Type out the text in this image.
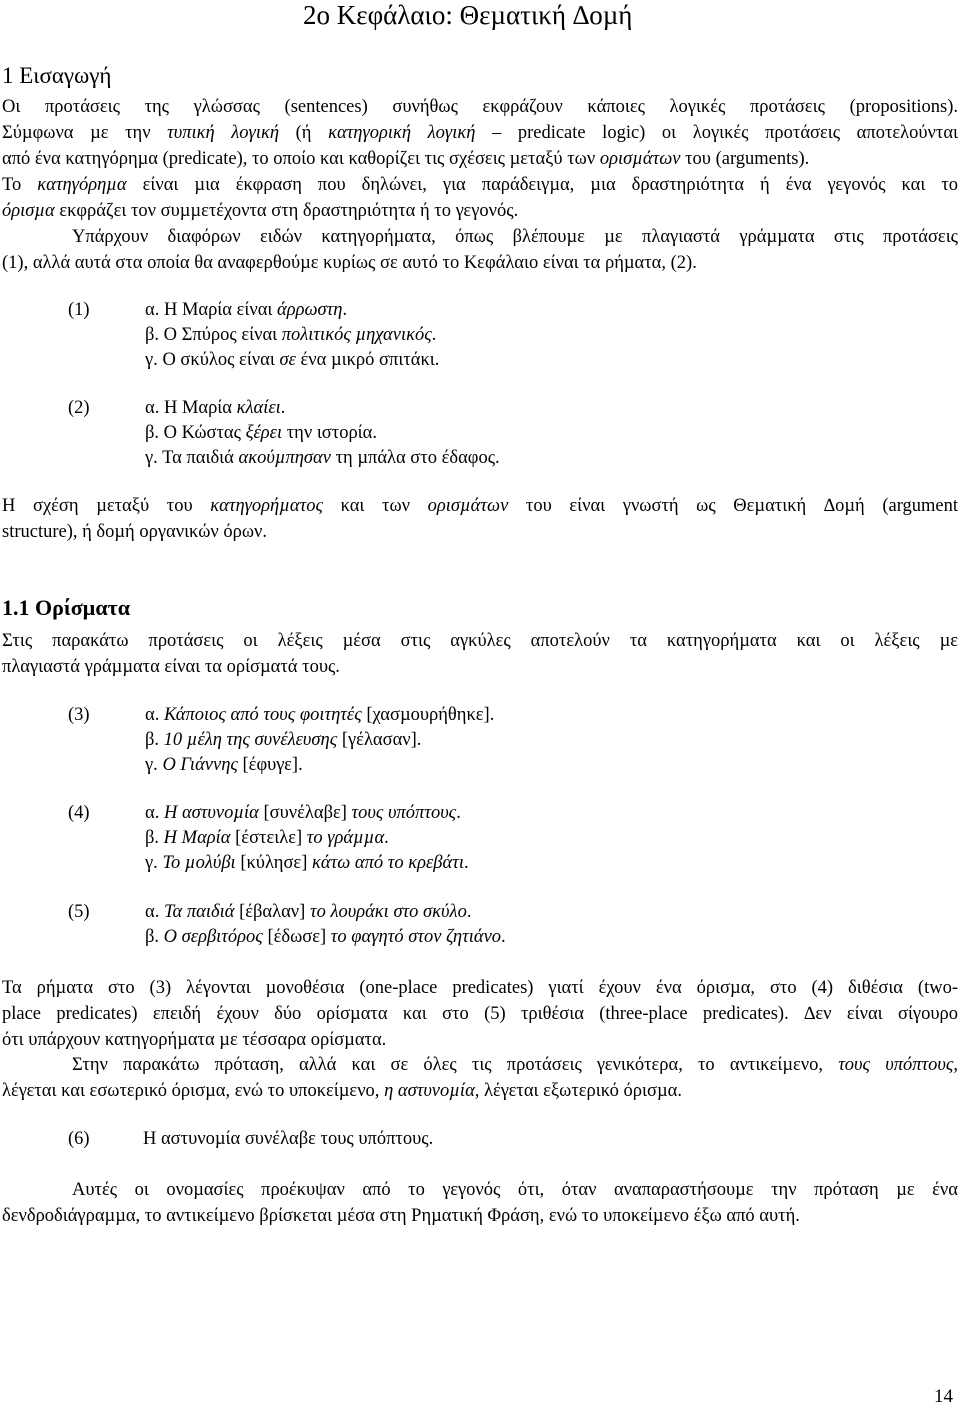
2ο Κεφάλαιο: Θεµατική ∆οµή
1 Εισαγωγή
Οι προτάσεις της γλώσσας (sentences) συνήθως εκφράζουν κάποιες λογικές προτάσεις (propositions).
Σύµφωνα µε την τυπική λογική (ή κατηγορική λογική – predicate logic) οι λογικές προτάσεις αποτελούνται
από ένα κατηγόρηµα (predicate), το οποίο και καθορίζει τις σχέσεις µεταξύ των ορισµάτων του (arguments).
Το κατηγόρηµα είναι µια έκφραση που δηλώνει, για παράδειγµα, µια δραστηριότητα ή ένα γεγονός και το
όρισµα εκφράζει τον συµµετέχοντα στη δραστηριότητα ή το γεγονός.
Υπάρχουν διαφόρων ειδών κατηγορήµατα, όπως βλέπουµε µε πλαγιαστά γράµµατα στις προτάσεις
(1), αλλά αυτά στα οποία θα αναφερθούµε κυρίως σε αυτό το Κεφάλαιο είναι τα ρήµατα, (2).
(1)	α. Η Μαρία είναι άρρωστη.
β. Ο Σπύρος είναι πολιτικός µηχανικός.
γ. Ο σκύλος είναι σε ένα µικρό σπιτάκι.
(2)	α. Η Μαρία κλαίει.
β. Ο Κώστας ξέρει την ιστορία.
γ. Τα παιδιά ακούµπησαν τη µπάλα στο έδαφος.
Η σχέση µεταξύ του κατηγορήµατος και των ορισµάτων του είναι γνωστή ως Θεµατική ∆οµή (argument
structure), ή δοµή οργανικών όρων.
1.1 Ορίσµατα
Στις παρακάτω προτάσεις οι λέξεις µέσα στις αγκύλες αποτελούν τα κατηγορήµατα και οι λέξεις µε
πλαγιαστά γράµµατα είναι τα ορίσµατά τους.
(3)	α. Κάποιος από τους φοιτητές [χασµουρήθηκε].
β. 10 µέλη της συνέλευσης [γέλασαν].
γ. Ο Γιάννης [έφυγε].
(4)	α. Η αστυνοµία [συνέλαβε] τους υπόπτους.
β. Η Μαρία [έστειλε] το γράµµα.
γ. Το µολύβι [κύλησε] κάτω από το κρεβάτι.
(5)	α. Τα παιδιά [έβαλαν] το λουράκι στο σκύλο.
β. Ο σερβιτόρος [έδωσε] το φαγητό στον ζητιάνο.
Τα ρήµατα στο (3) λέγονται µονοθέσια (one-place predicates) γιατί έχουν ένα όρισµα, στο (4) διθέσια (two-
place predicates) επειδή έχουν δύο ορίσµατα και στο (5) τριθέσια (three-place predicates). ∆εν είναι σίγουρο
ότι υπάρχουν κατηγορήµατα µε τέσσαρα ορίσµατα.
Στην παρακάτω πρόταση, αλλά και σε όλες τις προτάσεις γενικότερα, το αντικείµενο, τους υπόπτους,
λέγεται και εσωτερικό όρισµα, ενώ το υποκείµενο, η αστυνοµία, λέγεται εξωτερικό όρισµα.
(6)	Η αστυνοµία συνέλαβε τους υπόπτους.
Αυτές οι ονοµασίες προέκυψαν από το γεγονός ότι, όταν αναπαραστήσουµε την πρόταση µε ένα
δενδροδιάγραµµα, το αντικείµενο βρίσκεται µέσα στη Ρηµατική Φράση, ενώ το υποκείµενο έξω από αυτή.
14
